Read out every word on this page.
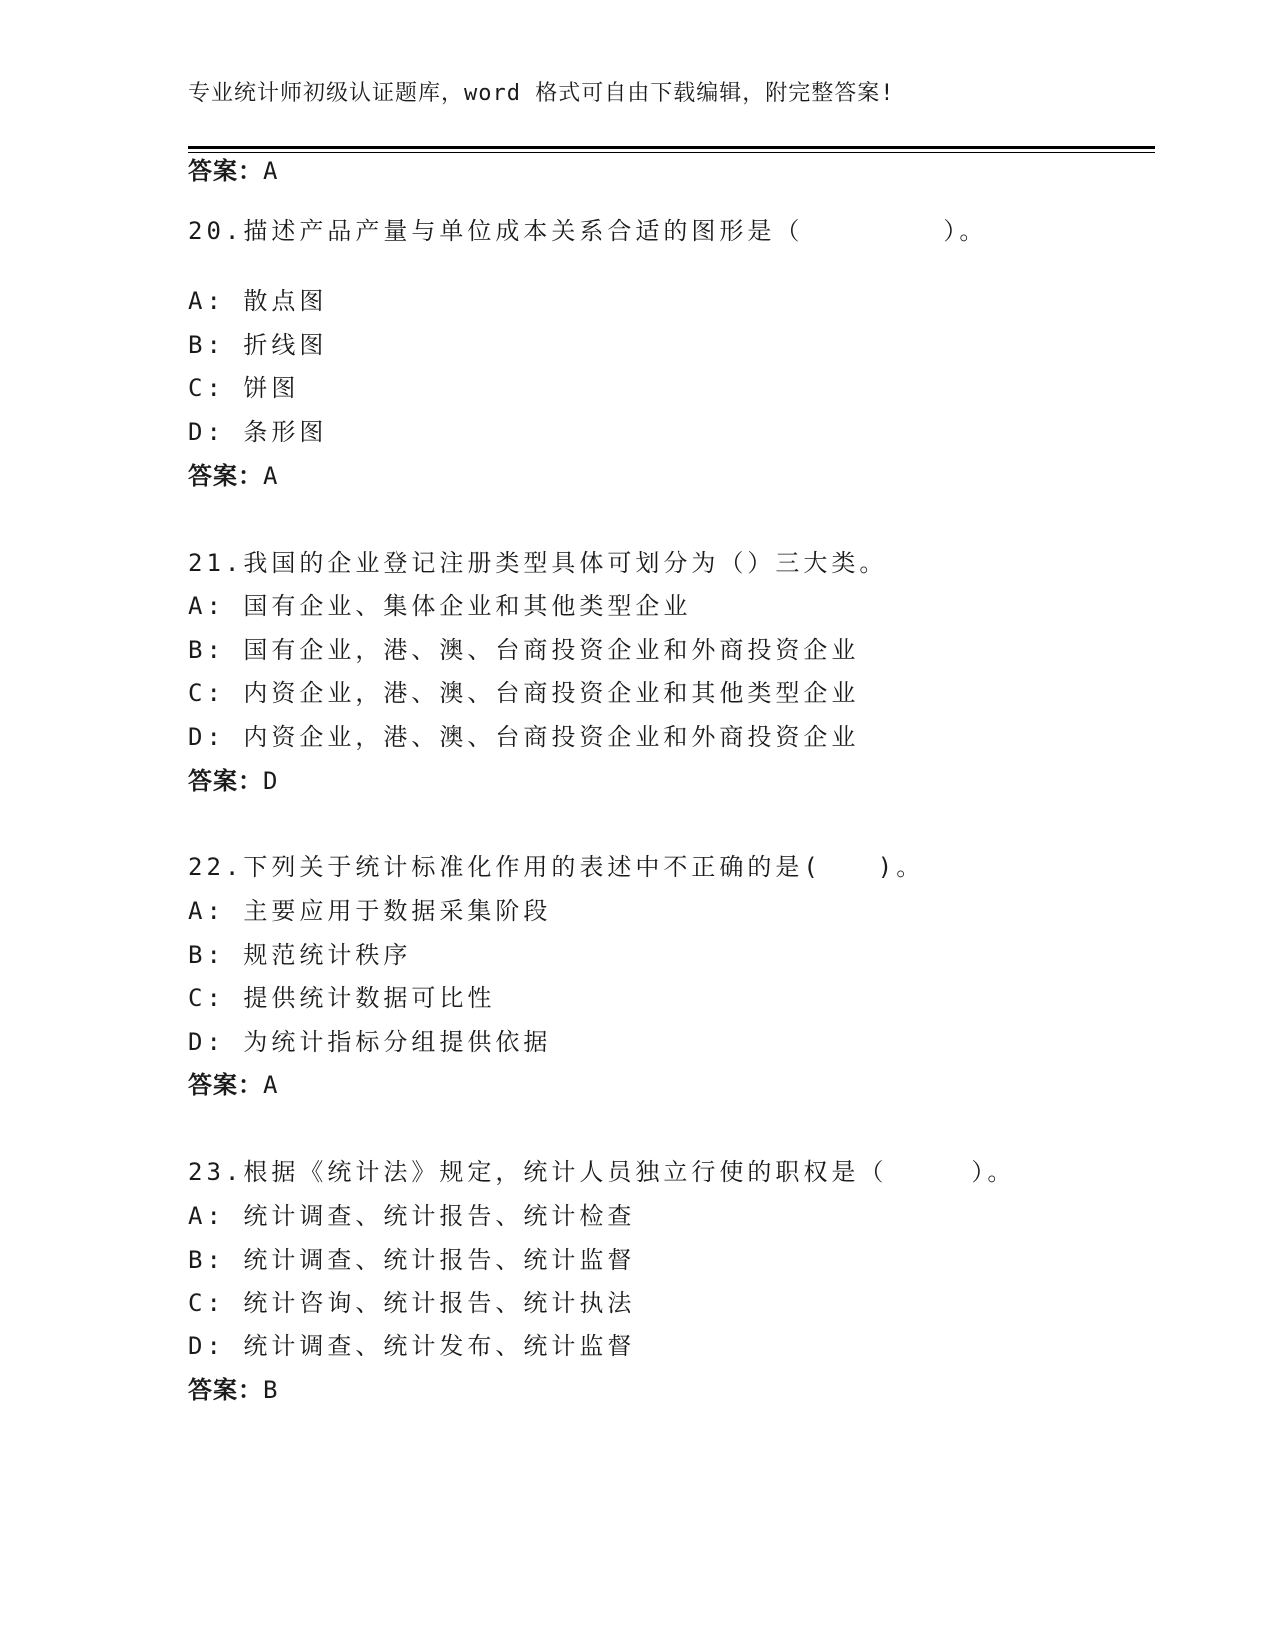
专业统计师初级认证题库，word 格式可自由下载编辑，附完整答案!
答案：A
20.描述产品产量与单位成本关系合适的图形是（　　　　　）。
A: 散点图
B: 折线图
C: 饼图
D: 条形图
答案：A
21.我国的企业登记注册类型具体可划分为（）三大类。
A: 国有企业、集体企业和其他类型企业
B: 国有企业，港、澳、台商投资企业和外商投资企业
C: 内资企业，港、澳、台商投资企业和其他类型企业
D: 内资企业，港、澳、台商投资企业和外商投资企业
答案：D
22.下列关于统计标准化作用的表述中不正确的是(　　)。
A: 主要应用于数据采集阶段
B: 规范统计秩序
C: 提供统计数据可比性
D: 为统计指标分组提供依据
答案：A
23.根据《统计法》规定，统计人员独立行使的职权是（　　　）。
A: 统计调查、统计报告、统计检查
B: 统计调查、统计报告、统计监督
C: 统计咨询、统计报告、统计执法
D: 统计调查、统计发布、统计监督
答案：B
